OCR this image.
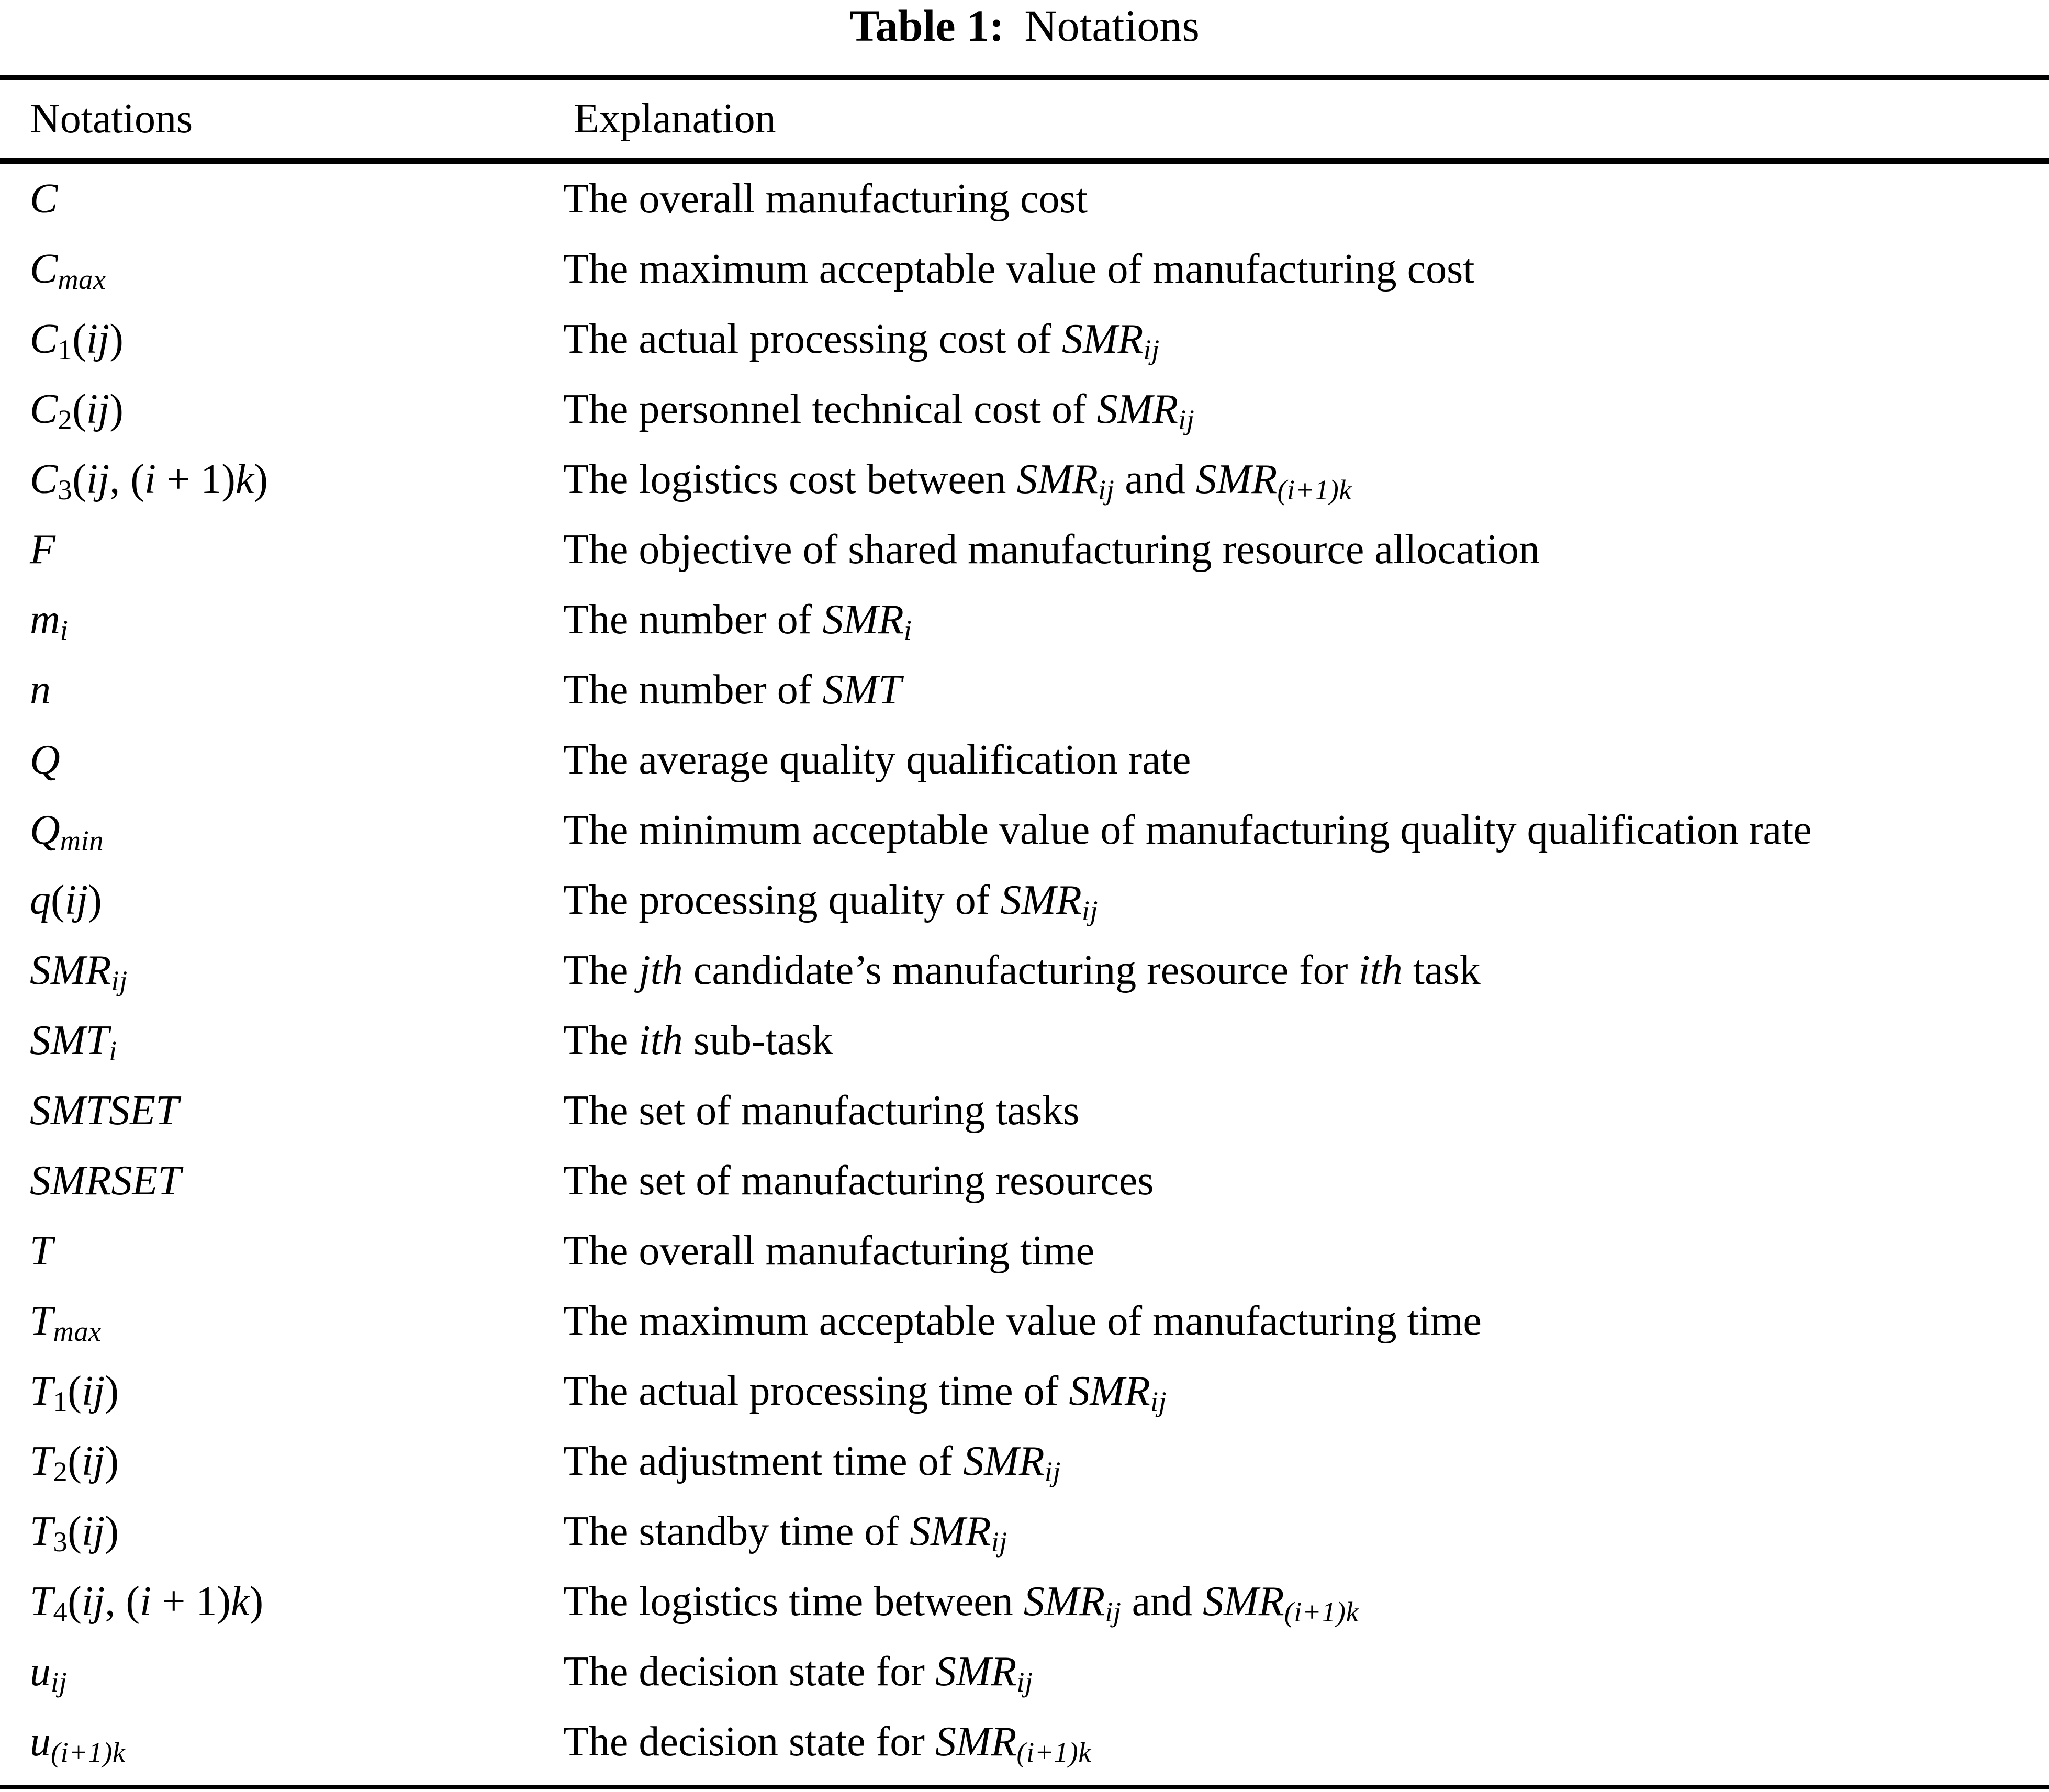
Table 1: Notations
Notations	Explanation
C	The overall manufacturing cost
Cmax	The maximum acceptable value of manufacturing cost
C1(ij)	The actual processing cost of SMRij
C2(ij)	The personnel technical cost of SMRij
C3(ij, (i + 1)k)	The logistics cost between SMRij and SMR(i+1)k
F	The objective of shared manufacturing resource allocation
mi	The number of SMRi
n	The number of SMT
Q	The average quality qualification rate
Qmin	The minimum acceptable value of manufacturing quality qualification rate
q(ij)	The processing quality of SMRij
SMRij	The jth candidate’s manufacturing resource for ith task
SMTi	The ith sub-task
SMTSET	The set of manufacturing tasks
SMRSET	The set of manufacturing resources
T	The overall manufacturing time
Tmax	The maximum acceptable value of manufacturing time
T1(ij)	The actual processing time of SMRij
T2(ij)	The adjustment time of SMRij
T3(ij)	The standby time of SMRij
T4(ij, (i + 1)k)	The logistics time between SMRij and SMR(i+1)k
uij	The decision state for SMRij
u(i+1)k	The decision state for SMR(i+1)k
